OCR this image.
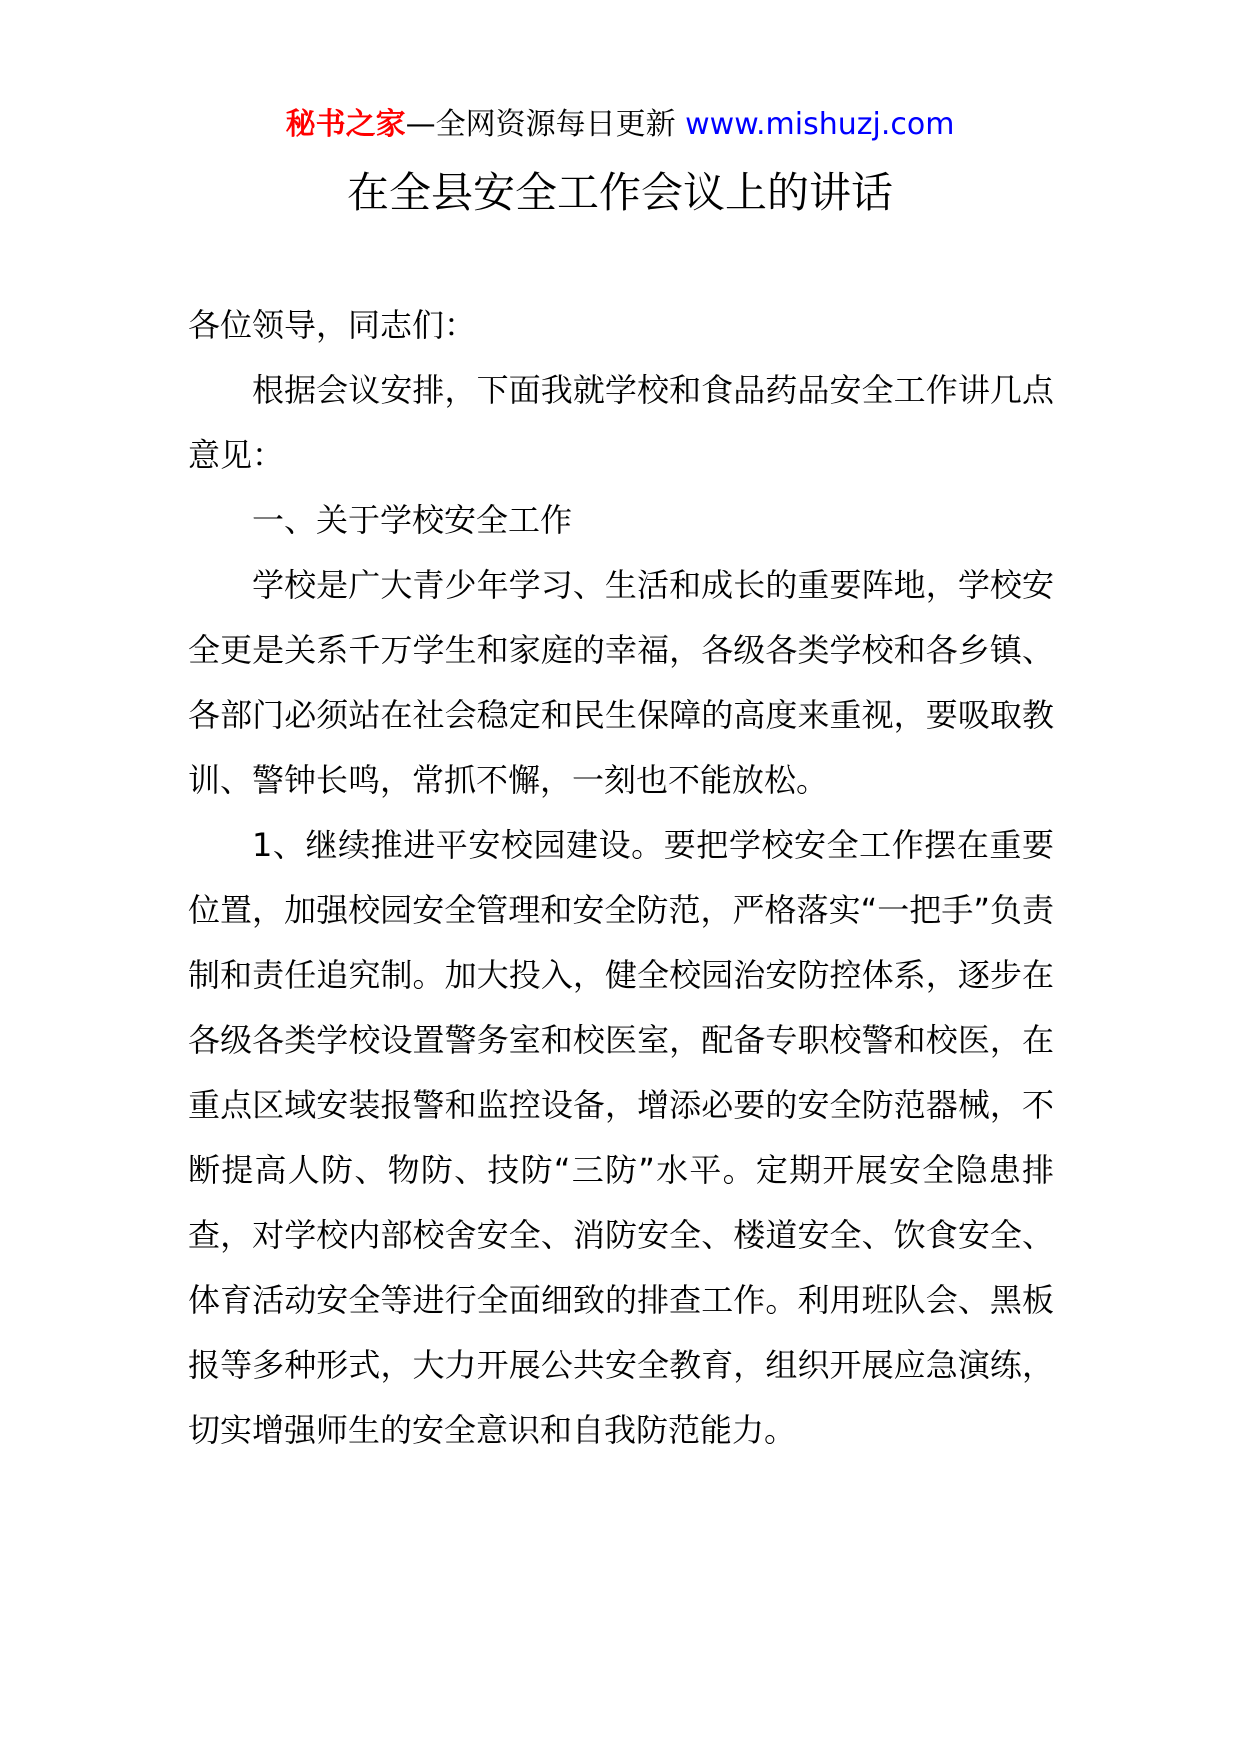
秘书之家—全网资源每日更新 www.mishuzj.com
在全县安全工作会议上的讲话

各位领导，同志们：

根据会议安排，下面我就学校和食品药品安全工作讲几点意见：

一、关于学校安全工作

学校是广大青少年学习、生活和成长的重要阵地，学校安全更是关系千万学生和家庭的幸福，各级各类学校和各乡镇、各部门必须站在社会稳定和民生保障的高度来重视，要吸取教训、警钟长鸣，常抓不懈，一刻也不能放松。

1、继续推进平安校园建设。要把学校安全工作摆在重要位置，加强校园安全管理和安全防范，严格落实“一把手”负责制和责任追究制。加大投入，健全校园治安防控体系，逐步在各级各类学校设置警务室和校医室，配备专职校警和校医，在重点区域安装报警和监控设备，增添必要的安全防范器械，不断提高人防、物防、技防“三防”水平。定期开展安全隐患排查，对学校内部校舍安全、消防安全、楼道安全、饮食安全、体育活动安全等进行全面细致的排查工作。利用班队会、黑板报等多种形式，大力开展公共安全教育，组织开展应急演练，切实增强师生的安全意识和自我防范能力。
